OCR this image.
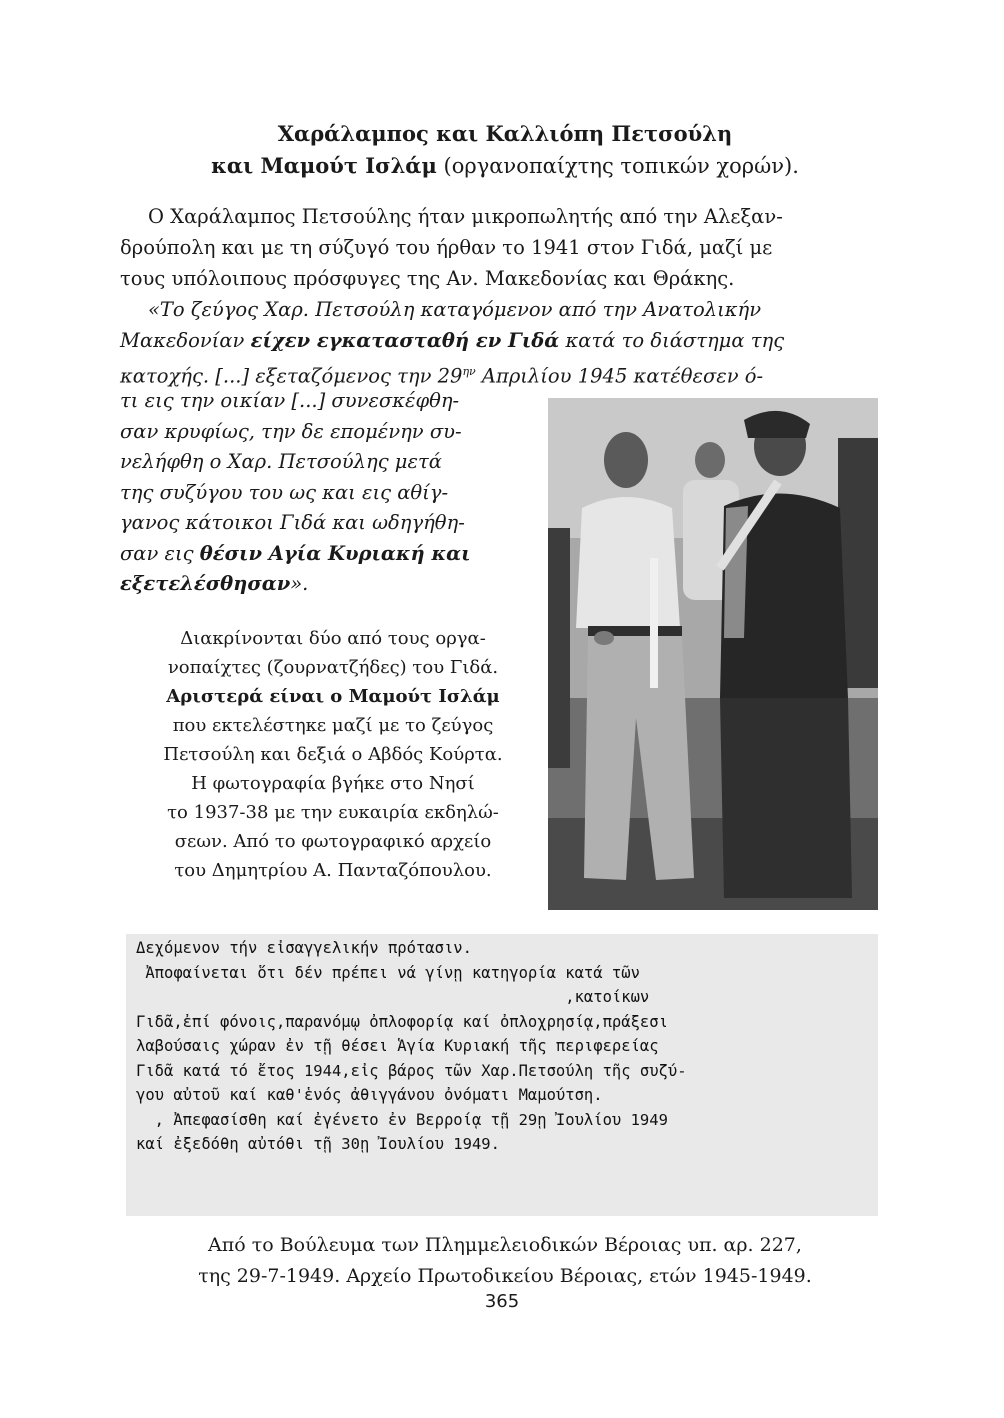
Χαράλαμπος και Καλλιόπη Πετσούλη
και Μαμούτ Ισλάμ (οργανοπαίχτης τοπικών χορών).

Ο Χαράλαμπος Πετσούλης ήταν μικροπωλητής από την Αλεξαν-

δρούπολη και με τη σύζυγό του ήρθαν το 1941 στον Γιδά, μαζί με
τους υπόλοιπους πρόσφυγες της Αν. Μακεδονίας και Θράκης.
«Το ζεύγος Χαρ. Πετσούλη καταγόμενον από την Ανατολικήν
Μακεδονίαν είχεν εγκατασταθή εν Γιδά κατά το διάστημα της
κατοχής. [...] εξεταζόμενος την $29^{\eta\nu}$ Απριλίου 1945 κατέθεσεν ό-
τι εις την οικίαν [...] συνεσκέφθη-
σαν κρυφίως, την δε επομένην συ-
νελήφθη ο Χαρ. Πετσούλης μετά
της συζύγου του ως και εις αθίγ-
γανος κάτοικοι Γιδά και ωδηγήθη-
σαν εις θέσιν Αγία Κυριακή και
εξετελέσθησαν».
Διακρίνονται δύο από τους οργα-
νοπαίχτες (ζουρνατζήδες) του Γιδά.
Αριστερά είναι ο Μαμούτ Ισλάμ
που εκτελέστηκε μαζί με το ζεύγος
Πετσούλη και δεξιά ο Αβδός Κούρτα.
Η φωτογραφία βγήκε στο Νησί
το 1937-38 με την ευκαιρία εκδηλώ-
σεων. Από το φωτογραφικό αρχείο
του Δημητρίου Α. Πανταζόπουλου.
Δεχόμενον τήν εἰσαγγελικήν πρότασιν.
Ἀποφαίνεται ὅτι δέν πρέπει νά γίνῃ κατηγορία κατά τῶν
,κατοίκων
Γιδᾶ,ἐπί φόνοις,παρανόμῳ ὀπλοφορίᾳ καί ὀπλοχρησίᾳ,πράξεσι
λαβούσαις χώραν ἐν τῇ θέσει Ἁγία Κυριακή τῆς περιφερείας
Γιδᾶ κατά τό ἔτος 1944,εἰς βάρος τῶν Χαρ.Πετσούλη τῆς συζύ-
γου αὐτοῦ καί καθ'ἑνός ἀθιγγάνου ὀνόματι Μαμούτση.
, Ἀπεφασίσθη καί ἐγένετο ἐν Βερροίᾳ τῇ 29ῃ Ἰουλίου 1949
καί ἐξεδόθη αὐτόθι τῇ 30ῃ Ἰουλίου 1949.
Από το Βούλευμα των Πλημμελειοδικών Βέροιας υπ. αρ. 227,
της 29-7-1949. Αρχείο Πρωτοδικείου Βέροιας, ετών 1945-1949.
365
